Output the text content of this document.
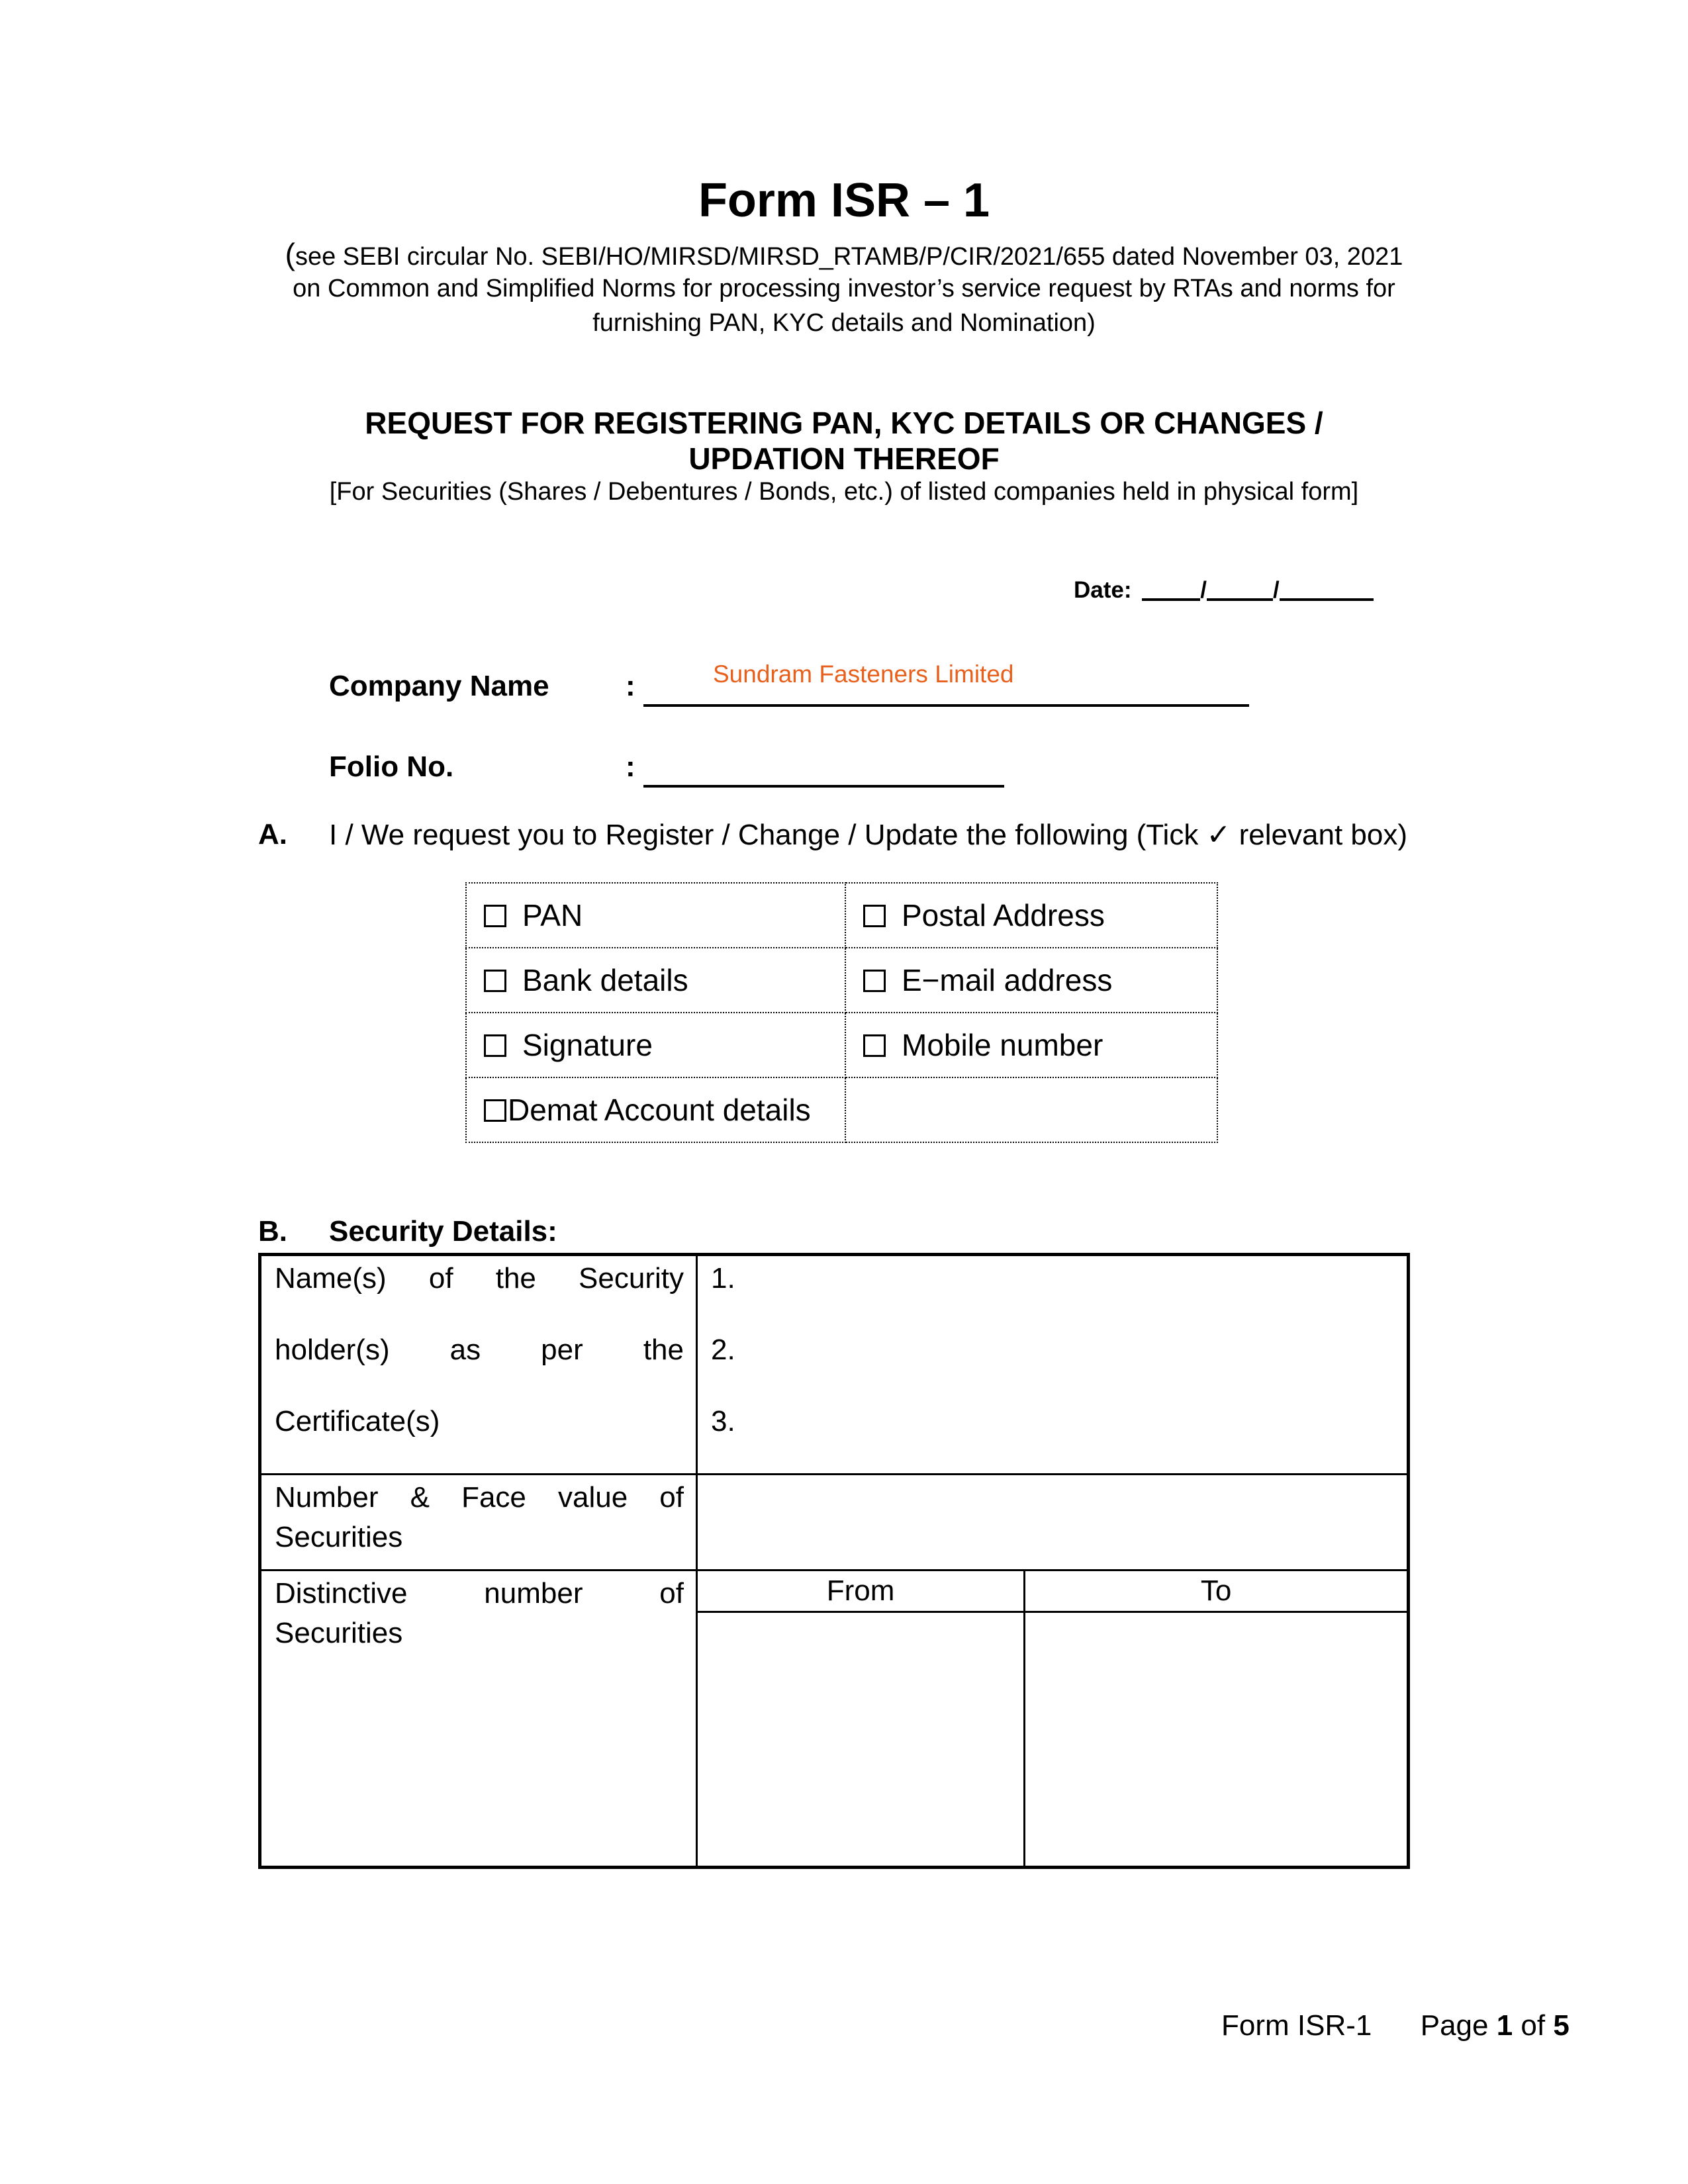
Form ISR – 1
(see SEBI circular No. SEBI/HO/MIRSD/MIRSD_RTAMB/P/CIR/2021/655 dated November 03, 2021
on Common and Simplified Norms for processing investor’s service request by RTAs and norms for
furnishing PAN, KYC details and Nomination)
REQUEST FOR REGISTERING PAN, KYC DETAILS OR CHANGES /
UPDATION THEREOF
[For Securities (Shares / Debentures / Bonds, etc.) of listed companies held in physical form]
Date:	/	/
Company Name	:	Sundram Fasteners Limited
Folio No.	:
A. I / We request you to Register / Change / Update the following (Tick ✓ relevant box)
PAN	Postal Address
Bank details	E−mail address
Signature	Mobile number
Demat Account details	
B. Security Details:
Name(s) of the Security
holder(s) as per the
Certificate(s)	1.
2.
3.

Number & Face value of
Securities	

Distinctive number of
Securities	
From	To
Form ISR-1 Page 1 of 5
